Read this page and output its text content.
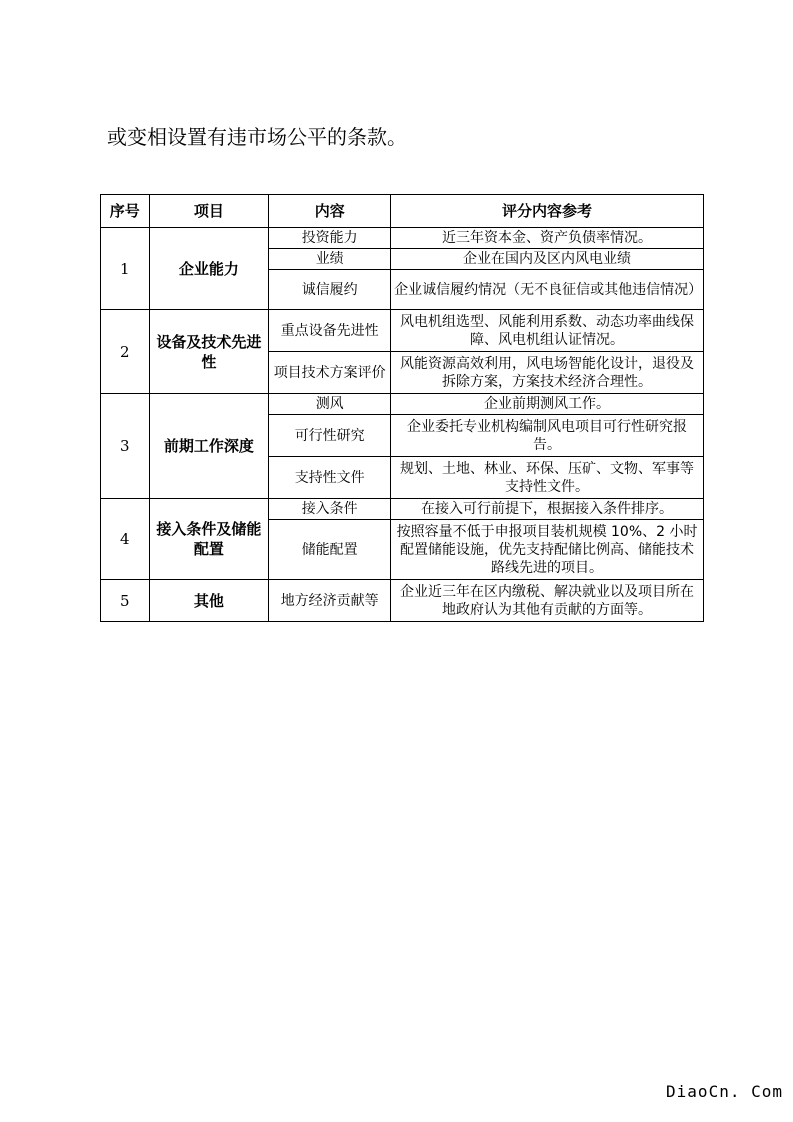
或变相设置有违市场公平的条款。
序号	项目	内容	评分内容参考
1	企业能力	投资能力	近三年资本金、资产负债率情况。
		业绩	企业在国内及区内风电业绩
		诚信履约	企业诚信履约情况（无不良征信或其他违信情况）
2	设备及技术先进性	重点设备先进性	风电机组选型、风能利用系数、动态功率曲线保障、风电机组认证情况。
		项目技术方案评价	风能资源高效利用，风电场智能化设计，退役及拆除方案，方案技术经济合理性。
3	前期工作深度	测风	企业前期测风工作。
		可行性研究	企业委托专业机构编制风电项目可行性研究报告。
		支持性文件	规划、土地、林业、环保、压矿、文物、军事等支持性文件。
4	接入条件及储能配置	接入条件	在接入可行前提下，根据接入条件排序。
		储能配置	按照容量不低于申报项目装机规模 10%、2 小时配置储能设施，优先支持配储比例高、储能技术路线先进的项目。
5	其他	地方经济贡献等	企业近三年在区内缴税、解决就业以及项目所在地政府认为其他有贡献的方面等。
DiaoCn. Com
